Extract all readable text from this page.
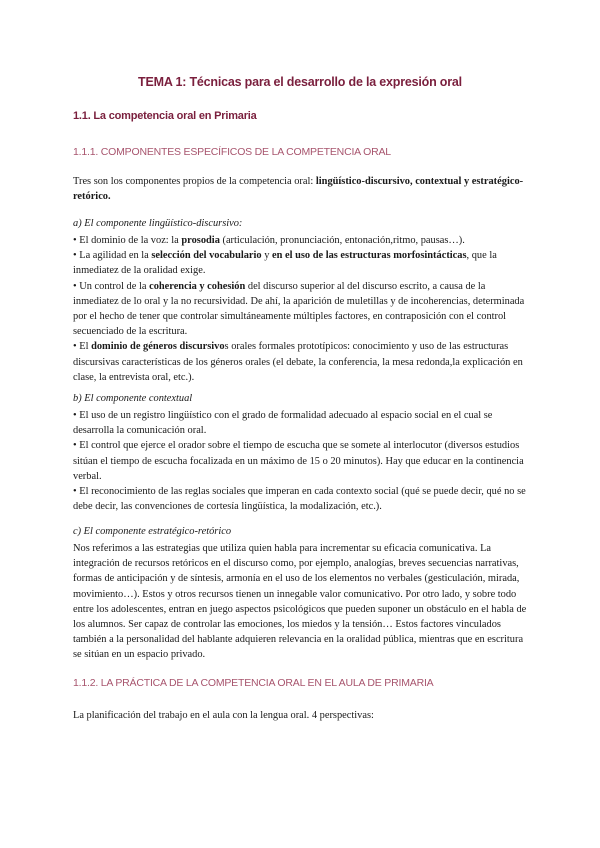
TEMA 1: Técnicas para el desarrollo de la expresión oral
1.1. La competencia oral en Primaria
1.1.1. COMPONENTES ESPECÍFICOS DE LA COMPETENCIA ORAL

Tres son los componentes propios de la competencia oral: lingüístico-discursivo, contextual y estratégico-retórico.

a) El componente lingüístico-discursivo:

• El dominio de la voz: la prosodia (articulación, pronunciación, entonación,ritmo, pausas…).
• La agilidad en la selección del vocabulario y en el uso de las estructuras morfosintácticas, que la inmediatez de la oralidad exige.
• Un control de la coherencia y cohesión del discurso superior al del discurso escrito, a causa de la inmediatez de lo oral y la no recursividad. De ahí, la aparición de muletillas y de incoherencias, determinada por el hecho de tener que controlar simultáneamente múltiples factores, en contraposición con el control secuenciado de la escritura.
• El dominio de géneros discursivos orales formales prototípicos: conocimiento y uso de las estructuras discursivas características de los géneros orales (el debate, la conferencia, la mesa redonda,la explicación en clase, la entrevista oral, etc.).

b) El componente contextual

• El uso de un registro lingüístico con el grado de formalidad adecuado al espacio social en el cual se desarrolla la comunicación oral.
• El control que ejerce el orador sobre el tiempo de escucha que se somete al interlocutor (diversos estudios sitúan el tiempo de escucha focalizada en un máximo de 15 o 20 minutos). Hay que educar en la continencia verbal.
• El reconocimiento de las reglas sociales que imperan en cada contexto social (qué se puede decir, qué no se debe decir, las convenciones de cortesía lingüística, la modalización, etc.).

c) El componente estratégico-retórico

Nos referimos a las estrategias que utiliza quien habla para incrementar su eficacia comunicativa. La integración de recursos retóricos en el discurso como, por ejemplo, analogías, breves secuencias narrativas, formas de anticipación y de síntesis, armonía en el uso de los elementos no verbales (gesticulación, mirada, movimiento…). Estos y otros recursos tienen un innegable valor comunicativo. Por otro lado, y sobre todo entre los adolescentes, entran en juego aspectos psicológicos que pueden suponer un obstáculo en el habla de los alumnos. Ser capaz de controlar las emociones, los miedos y la tensión… Estos factores vinculados también a la personalidad del hablante adquieren relevancia en la oralidad pública, mientras que en escritura se sitúan en un espacio privado.

1.1.2. LA PRÁCTICA DE LA COMPETENCIA ORAL EN EL AULA DE PRIMARIA

La planificación del trabajo en el aula con la lengua oral. 4 perspectivas:
